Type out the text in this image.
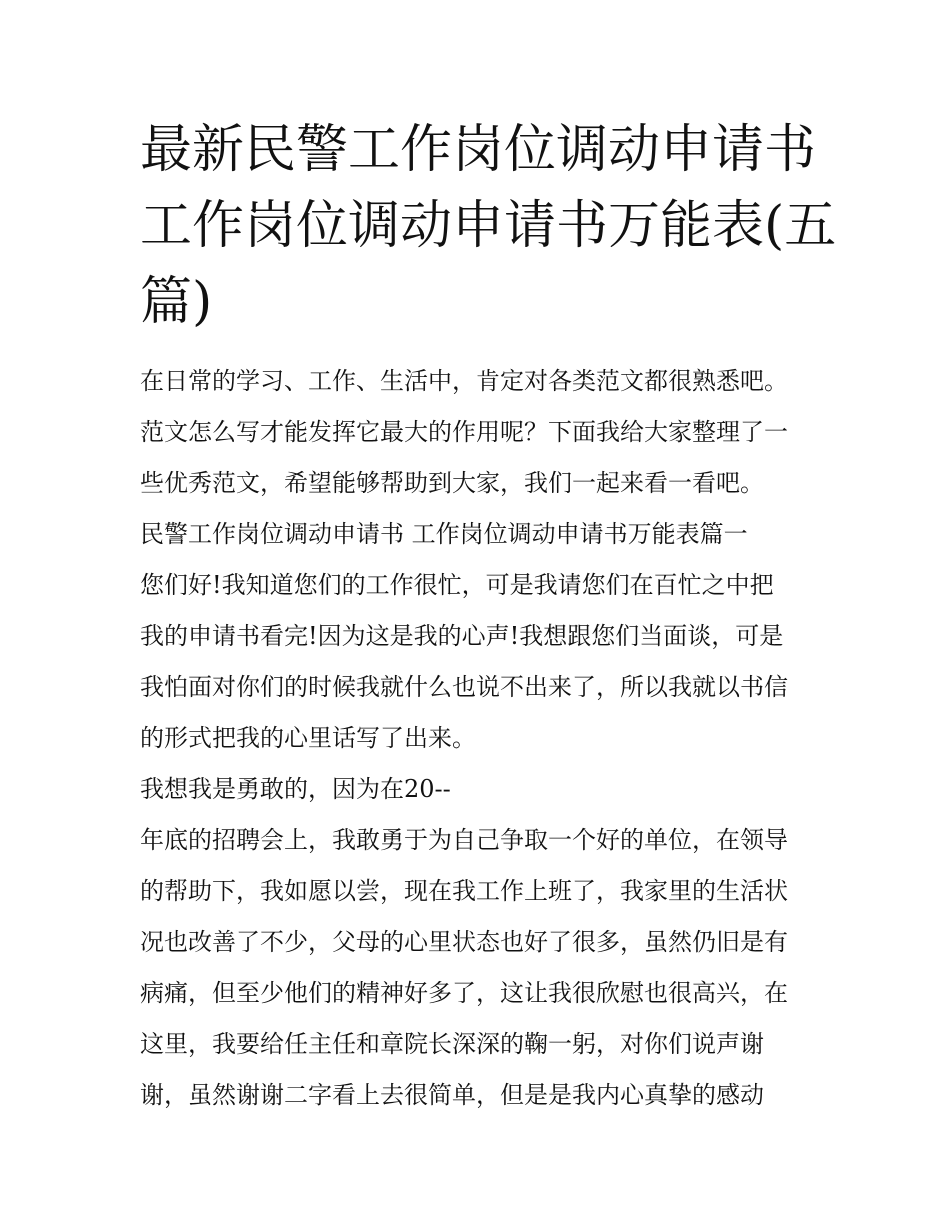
最新民警工作岗位调动申请书
工作岗位调动申请书万能表(五
篇)
在日常的学习、工作、生活中，肯定对各类范文都很熟悉吧。
范文怎么写才能发挥它最大的作用呢？下面我给大家整理了一
些优秀范文，希望能够帮助到大家，我们一起来看一看吧。
民警工作岗位调动申请书 工作岗位调动申请书万能表篇一
您们好!我知道您们的工作很忙，可是我请您们在百忙之中把
我的申请书看完!因为这是我的心声!我想跟您们当面谈，可是
我怕面对你们的时候我就什么也说不出来了，所以我就以书信
的形式把我的心里话写了出来。
我想我是勇敢的，因为在20--
年底的招聘会上，我敢勇于为自己争取一个好的单位，在领导
的帮助下，我如愿以尝，现在我工作上班了，我家里的生活状
况也改善了不少，父母的心里状态也好了很多，虽然仍旧是有
病痛，但至少他们的精神好多了，这让我很欣慰也很高兴，在
这里，我要给任主任和章院长深深的鞠一躬，对你们说声谢
谢，虽然谢谢二字看上去很简单，但是是我内心真挚的感动
